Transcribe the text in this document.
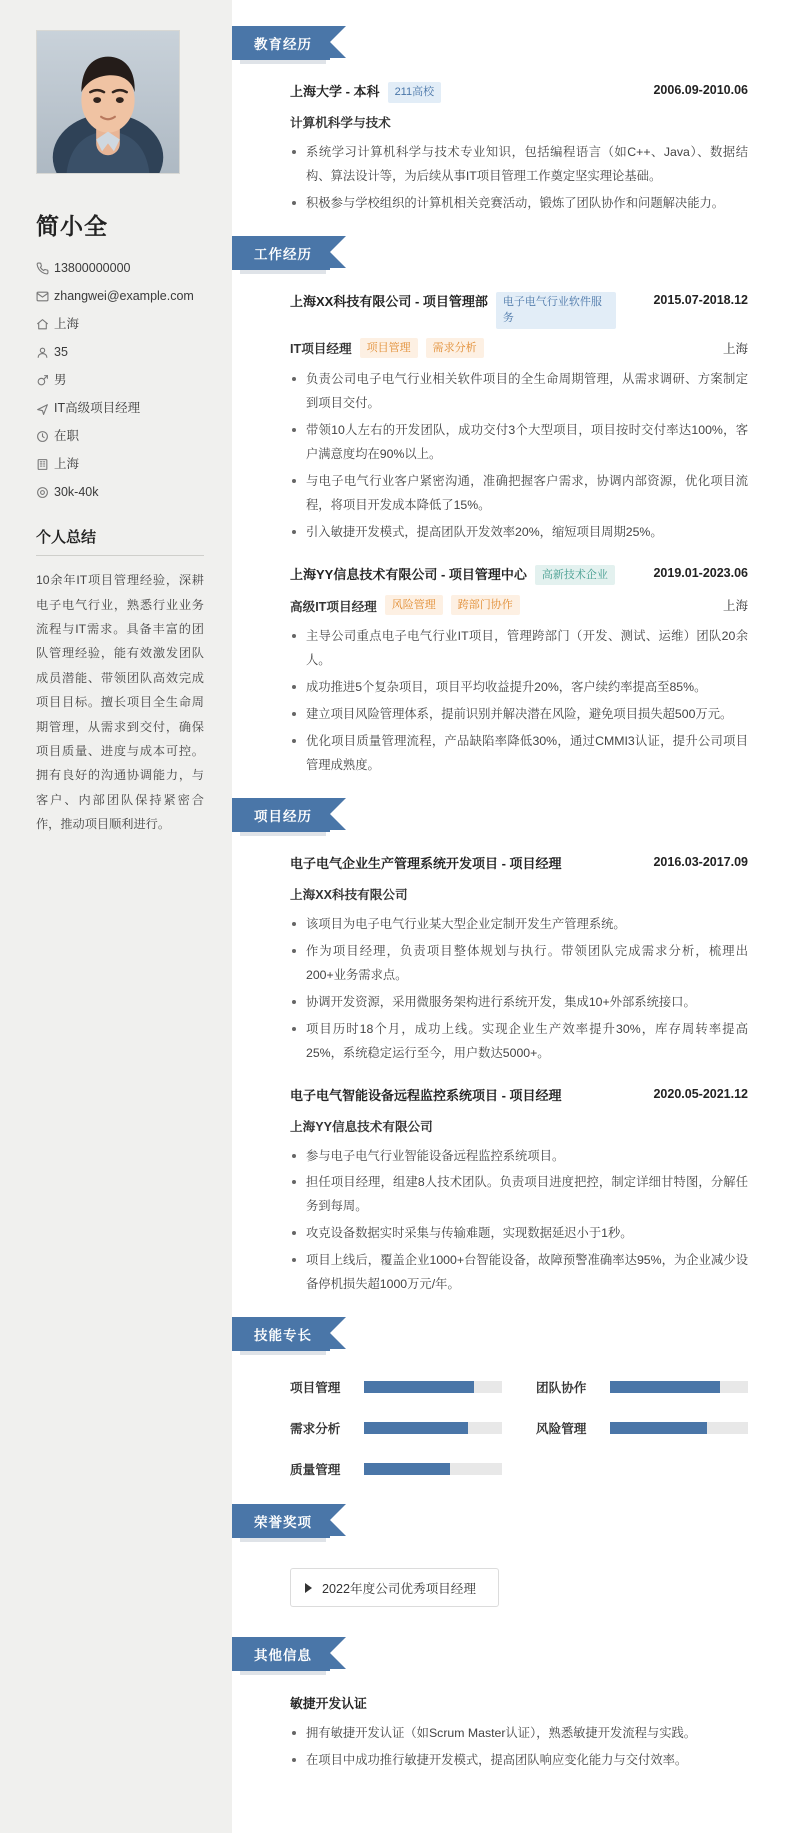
简小全
13800000000
zhangwei@example.com
上海
35
男
IT高级项目经理
在职
上海
30k-40k
个人总结

10余年IT项目管理经验，深耕电子电气行业，熟悉行业业务流程与IT需求。具备丰富的团队管理经验，能有效激发团队成员潜能、带领团队高效完成项目目标。擅长项目全生命周期管理，从需求到交付，确保项目质量、进度与成本可控。拥有良好的沟通协调能力，与客户、内部团队保持紧密合作，推动项目顺利进行。

教育经历
上海大学 - 本科	211高校	2006.09-2010.06
计算机科学与技术
系统学习计算机科学与技术专业知识，包括编程语言（如C++、Java）、数据结构、算法设计等，为后续从事IT项目管理工作奠定坚实理论基础。
积极参与学校组织的计算机相关竞赛活动，锻炼了团队协作和问题解决能力。
工作经历
上海XX科技有限公司 - 项目管理部	电子电气行业软件服务
2015.07-2018.12
IT项目经理	项目管理	需求分析	上海
负责公司电子电气行业相关软件项目的全生命周期管理，从需求调研、方案制定到项目交付。
带领10人左右的开发团队，成功交付3个大型项目，项目按时交付率达100%，客户满意度均在90%以上。
与电子电气行业客户紧密沟通，准确把握客户需求，协调内部资源，优化项目流程，将项目开发成本降低了15%。
引入敏捷开发模式，提高团队开发效率20%，缩短项目周期25%。
上海YY信息技术有限公司 - 项目管理中心	高新技术企业	2019.01-2023.06
高级IT项目经理	风险管理	跨部门协作	上海
主导公司重点电子电气行业IT项目，管理跨部门（开发、测试、运维）团队20余人。
成功推进5个复杂项目，项目平均收益提升20%，客户续约率提高至85%。
建立项目风险管理体系，提前识别并解决潜在风险，避免项目损失超500万元。
优化项目质量管理流程，产品缺陷率降低30%，通过CMMI3认证，提升公司项目管理成熟度。
项目经历
电子电气企业生产管理系统开发项目 - 项目经理	2016.03-2017.09
上海XX科技有限公司
该项目为电子电气行业某大型企业定制开发生产管理系统。
作为项目经理，负责项目整体规划与执行。带领团队完成需求分析，梳理出200+业务需求点。
协调开发资源，采用微服务架构进行系统开发，集成10+外部系统接口。
项目历时18个月，成功上线。实现企业生产效率提升30%，库存周转率提高25%，系统稳定运行至今，用户数达5000+。
电子电气智能设备远程监控系统项目 - 项目经理	2020.05-2021.12
上海YY信息技术有限公司
参与电子电气行业智能设备远程监控系统项目。
担任项目经理，组建8人技术团队。负责项目进度把控，制定详细甘特图，分解任务到每周。
攻克设备数据实时采集与传输难题，实现数据延迟小于1秒。
项目上线后，覆盖企业1000+台智能设备，故障预警准确率达95%，为企业减少设备停机损失超1000万元/年。
技能专长
项目管理	团队协作
需求分析	风险管理
质量管理
荣誉奖项
2022年度公司优秀项目经理
其他信息
敏捷开发认证
拥有敏捷开发认证（如Scrum Master认证），熟悉敏捷开发流程与实践。
在项目中成功推行敏捷开发模式，提高团队响应变化能力与交付效率。
